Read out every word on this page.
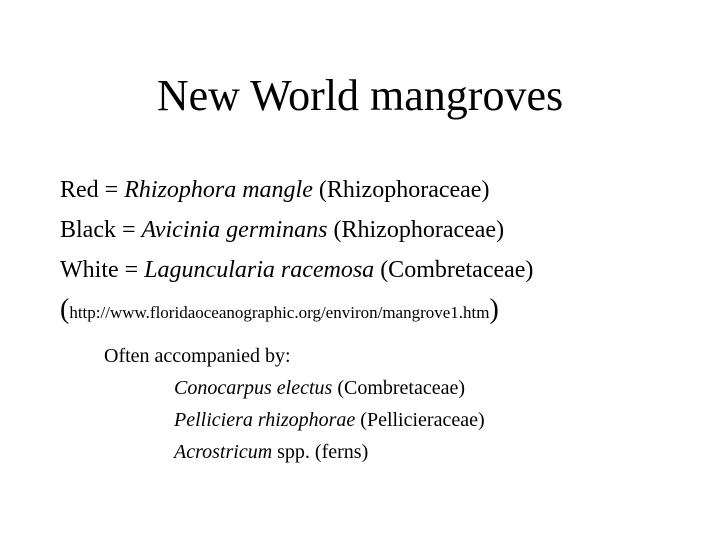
New World mangroves
Red = Rhizophora mangle (Rhizophoraceae)
Black = Avicinia germinans (Rhizophoraceae)
White = Laguncularia racemosa (Combretaceae)
(http://www.floridaoceanographic.org/environ/mangrove1.htm)
Often accompanied by:
Conocarpus electus (Combretaceae)
Pelliciera rhizophorae (Pellicieraceae)
Acrostricum spp. (ferns)
